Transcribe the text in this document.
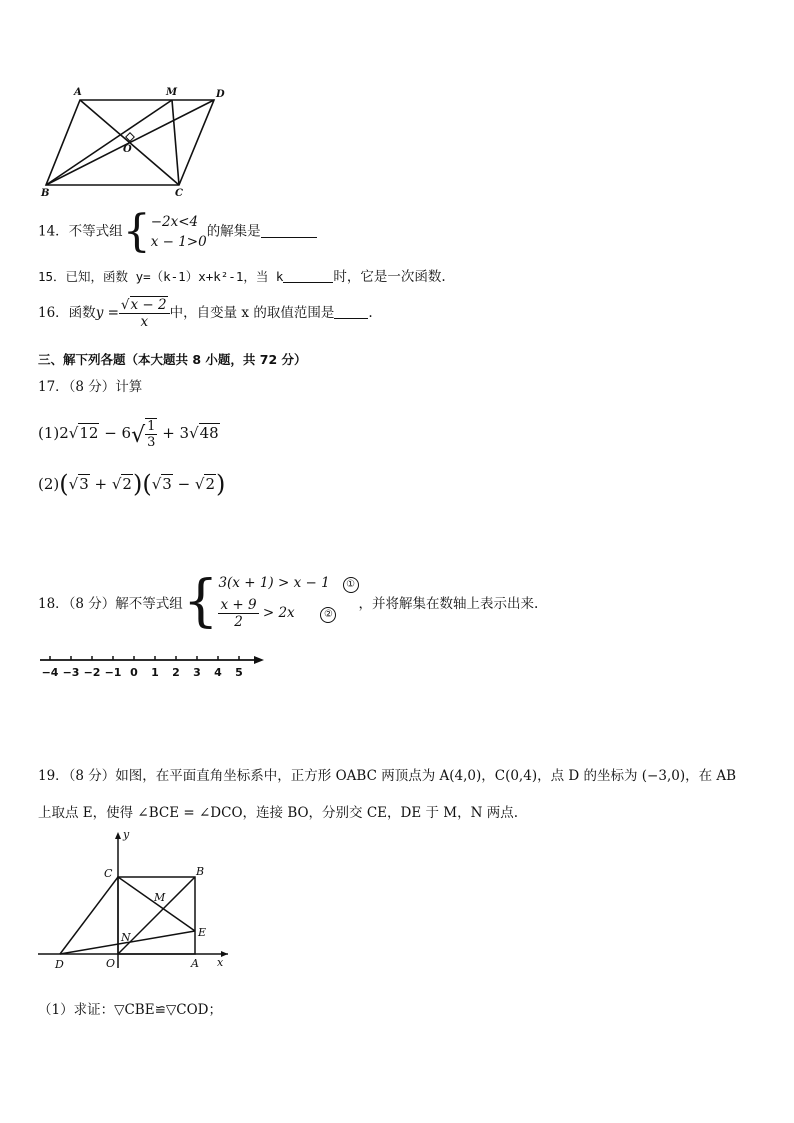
A	M	D
O
B	C
14．不等式组{ −2x<4
x − 1>0
的解集是
15．已知，函数 y=（k-1）x+k²-1，当 k	时，它是一次函数.
16．函数$y = \frac{√x - 2}{x}$ 中，自变量 x 的取值范围是	.
三、解下列各题（本大题共 8 小题，共 72 分）
17．（8 分）计算
$(1)2√12 - 6√ \frac{1}{3} + 3√48$
(2)(√3 + √2)(√3 − √2)
18．（8 分）解不等式组{ 3(x + 1) > x − 1 ①
$\frac{x + 9}{2} > 2x$	②
，并将解集在数轴上表示出来.
−4 −3 −2 −1 0 1 2 3 4 5
19．（8 分）如图，在平面直角坐标系中，正方形 OABC 两顶点为 A(4,0)，C(0,4)，点 D 的坐标为 (−3,0)，在 AB
上取点 E，使得 ∠BCE = ∠DCO，连接 BO，分别交 CE，DE 于 M，N 两点.
y
x
C	B
M
N	E
D	O	A
（1）求证：▽CBE≌▽COD；
